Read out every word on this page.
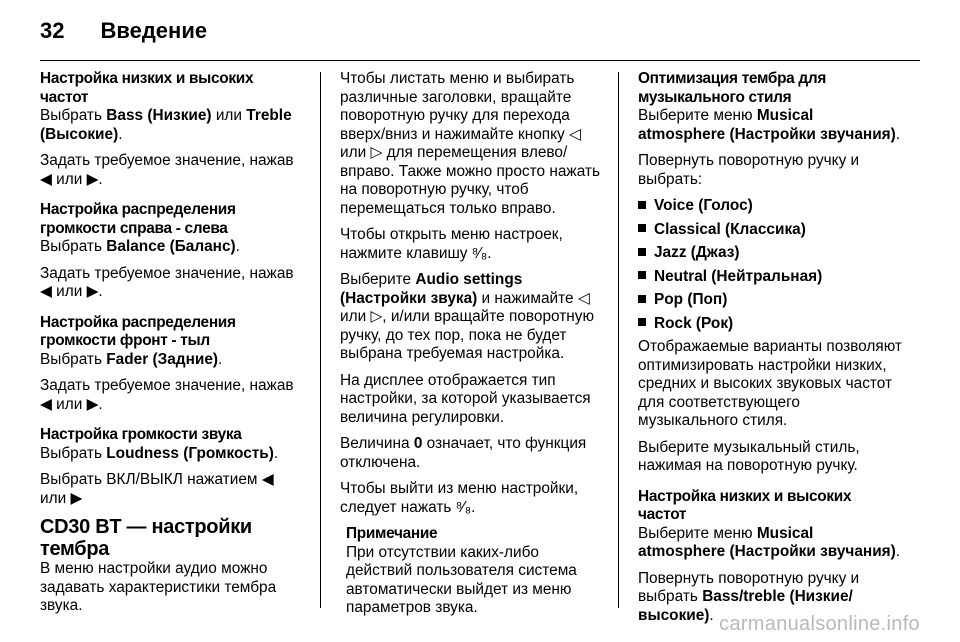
32 Введение
Настройка низких и высоких частот
Выбрать Bass (Низкие) или Treble (Высокие).
Задать требуемое значение, нажав ◀ или ▶.
Настройка распределения громкости справа - слева
Выбрать Balance (Баланс).
Задать требуемое значение, нажав ◀ или ▶.
Настройка распределения громкости фронт - тыл
Выбрать Fader (Задние).
Задать требуемое значение, нажав ◀ или ▶.
Настройка громкости звука
Выбрать Loudness (Громкость).
Выбрать ВКЛ/ВЫКЛ нажатием ◀ или ▶
CD30 BT — настройки тембра
В меню настройки аудио можно задавать характеристики тембра звука.
Чтобы листать меню и выбирать различные заголовки, вращайте поворотную ручку для перехода вверх/вниз и нажимайте кнопку ◁ или ▷ для перемещения влево/вправо. Также можно просто нажать на поворотную ручку, чтоб перемещаться только вправо.
Чтобы открыть меню настроек, нажмите клавишу ⁸⁄₈.
Выберите Audio settings (Настройки звука) и нажимайте ◁ или ▷, и/или вращайте поворотную ручку, до тех пор, пока не будет выбрана требуемая настройка.
На дисплее отображается тип настройки, за которой указывается величина регулировки.
Величина 0 означает, что функция отключена.
Чтобы выйти из меню настройки, следует нажать ⁸⁄₈.
Примечание
При отсутствии каких-либо действий пользователя система автоматически выйдет из меню параметров звука.
Оптимизация тембра для музыкального стиля
Выберите меню Musical atmosphere (Настройки звучания).
Повернуть поворотную ручку и выбрать:
Voice (Голос)
Classical (Классика)
Jazz (Джаз)
Neutral (Нейтральная)
Pop (Поп)
Rock (Рок)
Отображаемые варианты позволяют оптимизировать настройки низких, средних и высоких звуковых частот для соответствующего музыкального стиля.
Выберите музыкальный стиль, нажимая на поворотную ручку.
Настройка низких и высоких частот
Выберите меню Musical atmosphere (Настройки звучания).
Повернуть поворотную ручку и выбрать Bass/treble (Низкие/высокие). carmanualsonline.info
